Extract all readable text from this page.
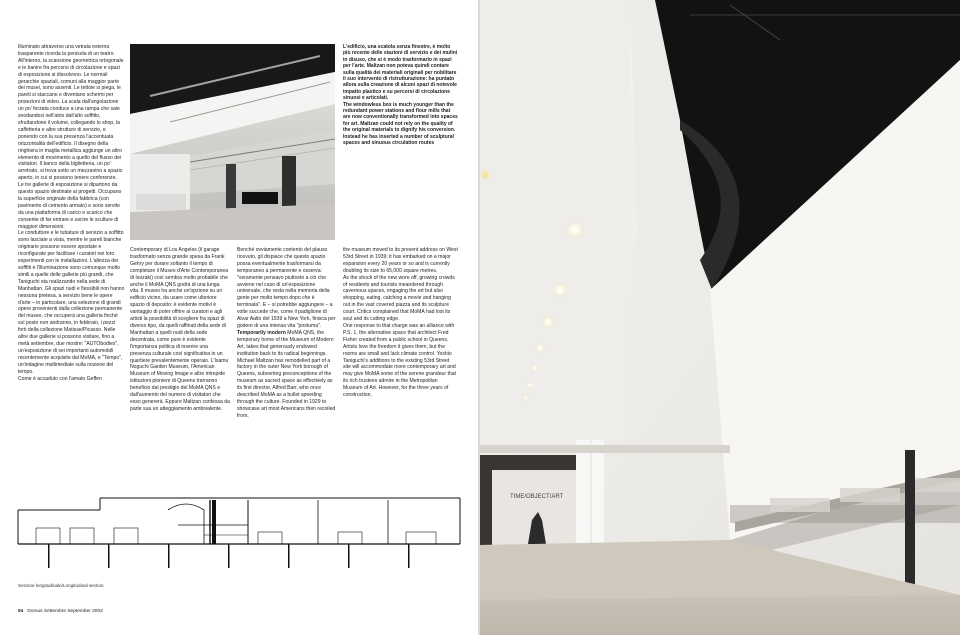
Illuminato attraverso una vetrata esterna trasparente ricorda la penisola di un teatro.
All'interno, la scansione geometrica ortogonale e le banire fra percorsi di circolazione e spazi di esposizione si dissolvono. Le normali gerarchie spaziali, comuni alla maggior parte dei musei, sono assenti. Le tettoie si piega, le pareti si staccano e diventano schermi per proiezioni di video. La scala dall'angolazione un po' forzata conduce a una rampa che sale snodandosi nell'atrio dall'alto soffitto, sfruttandone il volume, collegando lo shop, la caffetteria e altre strutture di servizio, e ponendo con la sua presenza l'accentuata orizzontalità dell'edificio. Il disegno della ringhiera in maglia metallica aggiunge un altro elemento di movimento a quello del flusso dei visitatori. Il banco della biglietteria, un po' arretrato, si trova sotto un mezzanino a spazio aperto, in cui si possono tenere conferenze.
Le tre gallerie di esposizione si dipartono da questo spazio destinate ai progetti. Occupano la superficie originale della fabbrica (con pavimento di cemento armato) e sono servite da una piattaforma di carico e scarico che consente di far entrare e uscire le sculture di maggiori dimensioni.
Le condutture e le tubature di servizio a soffitto sono lasciate a vista, mentre le pareti bianche originarie possono essere spostate e riconfigurate per facilitare i curatori nei loro esperimenti con le installazioni. L'altezza dei soffitti e l'illuminazione sono comunque molto simili a quelle delle gallerie più grandi, che Taniguchi sta realizzando nella sede di Manhattan. Gli spazi nudi e flessibili non hanno nessuna pretesa, a servizio bene le opere d'arte – in particolare, una selezione di grandi opere provenienti dalla collezione permanente del museo, che occuperà una galleria finché sul posto non andranno, in febbraio, i pezzi forti della collezione Matisse/Picasso. Nelle altre due gallerie si possono visitare, fino a metà settembre, due mostre: "AUTObodies", un'esposizione di sei importanti automobili recentemente acquisite dal MoMA, e "Tempo", un'indagine multimediale sulla nozione del tempo.
Come è accaduto con l'amato Geffen
Contemporary di Los Angeles (il garage trasformato senza grande spesa da Frank Gehry per durare soltanto il tempo di completare il Museo d'Arte Contemporanea di Isozaki) così sembra molto probabile che anche il MoMA QNS godrà di una lunga vita. Il museo ha anche un'opzione su un edificio vicino, da usare come ulteriore spazio di deposito: è evidente motivi è vantaggio di poter offrire ai curatori e agli artisti la possibilità di scegliere fra spazi di diverso tipo, da quelli raffinati della sede di Manhattan a quelli nudi della sede decentrata, come pure è evidente l'importanza politica di inserire una presenza culturale così significativa in un quartiere prevalentemente operaio. L'Isamu Noguchi Garden Museum, l'American Museum of Moving Image e altre intrepide istituzioni pioniere di Queens trarranno beneficio dal prestigio del MoMA QNS e dall'aumento del numero di visitatori che esso genererà. Eppure Maltzan confessa da parte sua un atteggiamento ambivalente.
Benché ovviamente contento del plauso ricevuto, gli dispiace che questo spazio possa eventualmente trasformarsi da temporaneo a permanente e osserva: "veramente pensavo piuttosto a ciò che avviene nel caso di un'esposizione universale, che resta nella memoria della gente per molto tempo dopo che è terminata". E – si potrebbe aggiungere – a volte succede che, come il padiglione di Alvar Aalto del 1939 a New York, finisca per godere di una intensa vita "postuma".
Temporarily modern MoMA QNS, the temporary home of the Museum of Modern Art, takes that generously endowed institution back to its radical beginnings. Michael Maltzan has remodelled part of a factory in the outer New York borough of Queens, subverting preconceptions of the museum as sacred space as effectively as its first director, Alfred Barr, who once described MoMA as a bullet speeding through the culture. Founded in 1929 to showcase art most Americans then recoiled from,
L'edificio, una scatola senza finestre, è molto più recente delle stazioni di servizio e dei mulini in disuso, che si è modo trasformarlo in spazi per l'arte. Maltzan non poteva quindi contare sulla qualità dei materiali originali per nobilitare il suo intervento di ristrutturazione: ha puntato allora sulla creazione di alcuni spazi di notevole impatto plastico e su percorsi di circolazione sinuosi e articolati.
The windowless box is much younger than the redundant power stations and flour mills that are now conventionally transformed into spaces for art. Maltzan could not rely on the quality of the original materials to dignify his conversion. Instead he has inserted a number of sculptural spaces and sinuous circulation routes
the museum moved to its present address on West 53rd Street in 1939; it has embarked on a major expansion every 20 years or so and is currently doubling its size to 65,000 square metres.
As the shock of the new wore off, growing crowds of residents and tourists meandered through cavernous spaces, engaging the art but also shopping, eating, catching a movie and hanging out in the vast covered piazza and its sculpture court. Critics complained that MoMA had lost its soul and its cutting edge.
One response to that charge was an alliance with P.S. 1, the alternative space that architect Fred Fisher created from a public school in Queens. Artists love the freedom it gives them, but the rooms are small and lack climate control. Yoshio Taniguchi's additions to the existing 53rd Street site will accommodate more contemporary art and may give MoMA some of the serene grandeur that its rich trustees admire in the Metropolitan Museum of Art. However, for the three years of construction,
Sezione longitudinale/Longitudinal section
94 Domus Settembre September 2002
TIME/OBJECT/ART
